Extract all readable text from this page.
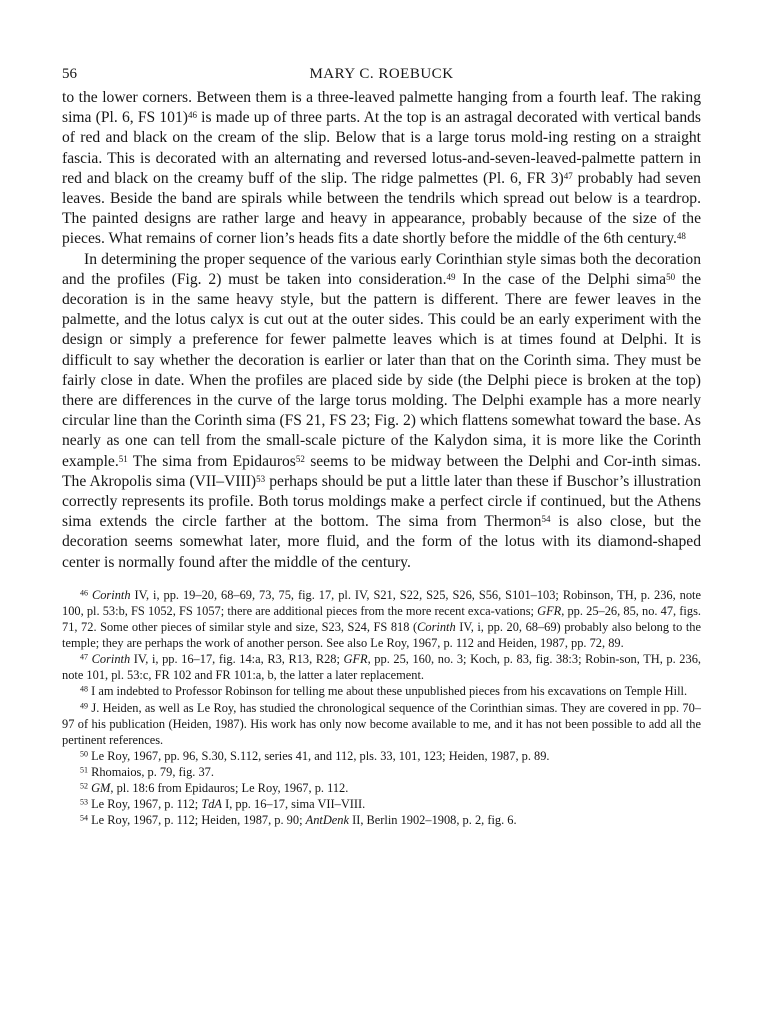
56	MARY C. ROEBUCK

to the lower corners. Between them is a three-leaved palmette hanging from a fourth leaf. The raking sima (Pl. 6, FS 101)$^{46}$ is made up of three parts. At the top is an astragal decorated with vertical bands of red and black on the cream of the slip. Below that is a large torus mold-ing resting on a straight fascia. This is decorated with an alternating and reversed lotus-and-seven-leaved-palmette pattern in red and black on the creamy buff of the slip. The ridge palmettes (Pl. 6, FR 3)$^{47}$ probably had seven leaves. Beside the band are spirals while between the tendrils which spread out below is a teardrop. The painted designs are rather large and heavy in appearance, probably because of the size of the pieces. What remains of corner lion’s heads fits a date shortly before the middle of the 6th century.$^{48}$

In determining the proper sequence of the various early Corinthian style simas both the decoration and the profiles (Fig. 2) must be taken into consideration.$^{49}$ In the case of the Delphi sima$^{50}$ the decoration is in the same heavy style, but the pattern is different. There are fewer leaves in the palmette, and the lotus calyx is cut out at the outer sides. This could be an early experiment with the design or simply a preference for fewer palmette leaves which is at times found at Delphi. It is difficult to say whether the decoration is earlier or later than that on the Corinth sima. They must be fairly close in date. When the profiles are placed side by side (the Delphi piece is broken at the top) there are differences in the curve of the large torus molding. The Delphi example has a more nearly circular line than the Corinth sima (FS 21, FS 23; Fig. 2) which flattens somewhat toward the base. As nearly as one can tell from the small-scale picture of the Kalydon sima, it is more like the Corinth example.$^{51}$ The sima from Epidauros$^{52}$ seems to be midway between the Delphi and Cor-inth simas. The Akropolis sima (VII–VIII)$^{53}$ perhaps should be put a little later than these if Buschor’s illustration correctly represents its profile. Both torus moldings make a perfect circle if continued, but the Athens sima extends the circle farther at the bottom. The sima from Thermon$^{54}$ is also close, but the decoration seems somewhat later, more fluid, and the form of the lotus with its diamond-shaped center is normally found after the middle of the century.

$^{46}$ Corinth IV, i, pp. 19–20, 68–69, 73, 75, fig. 17, pl. IV, S21, S22, S25, S26, S56, S101–103; Robinson, TH, p. 236, note 100, pl. 53:b, FS 1052, FS 1057; there are additional pieces from the more recent exca-vations; GFR, pp. 25–26, 85, no. 47, figs. 71, 72. Some other pieces of similar style and size, S23, S24, FS 818 (Corinth IV, i, pp. 20, 68–69) probably also belong to the temple; they are perhaps the work of another person. See also Le Roy, 1967, p. 112 and Heiden, 1987, pp. 72, 89.

$^{47}$ Corinth IV, i, pp. 16–17, fig. 14:a, R3, R13, R28; GFR, pp. 25, 160, no. 3; Koch, p. 83, fig. 38:3; Robin-son, TH, p. 236, note 101, pl. 53:c, FR 102 and FR 101:a, b, the latter a later replacement.

$^{48}$ I am indebted to Professor Robinson for telling me about these unpublished pieces from his excavations on Temple Hill.

$^{49}$ J. Heiden, as well as Le Roy, has studied the chronological sequence of the Corinthian simas. They are covered in pp. 70–97 of his publication (Heiden, 1987). His work has only now become available to me, and it has not been possible to add all the pertinent references.

$^{50}$ Le Roy, 1967, pp. 96, S.30, S.112, series 41, and 112, pls. 33, 101, 123; Heiden, 1987, p. 89.

$^{51}$ Rhomaios, p. 79, fig. 37.

$^{52}$ GM, pl. 18:6 from Epidauros; Le Roy, 1967, p. 112.

$^{53}$ Le Roy, 1967, p. 112; TdA I, pp. 16–17, sima VII–VIII.

$^{54}$ Le Roy, 1967, p. 112; Heiden, 1987, p. 90; AntDenk II, Berlin 1902–1908, p. 2, fig. 6.
